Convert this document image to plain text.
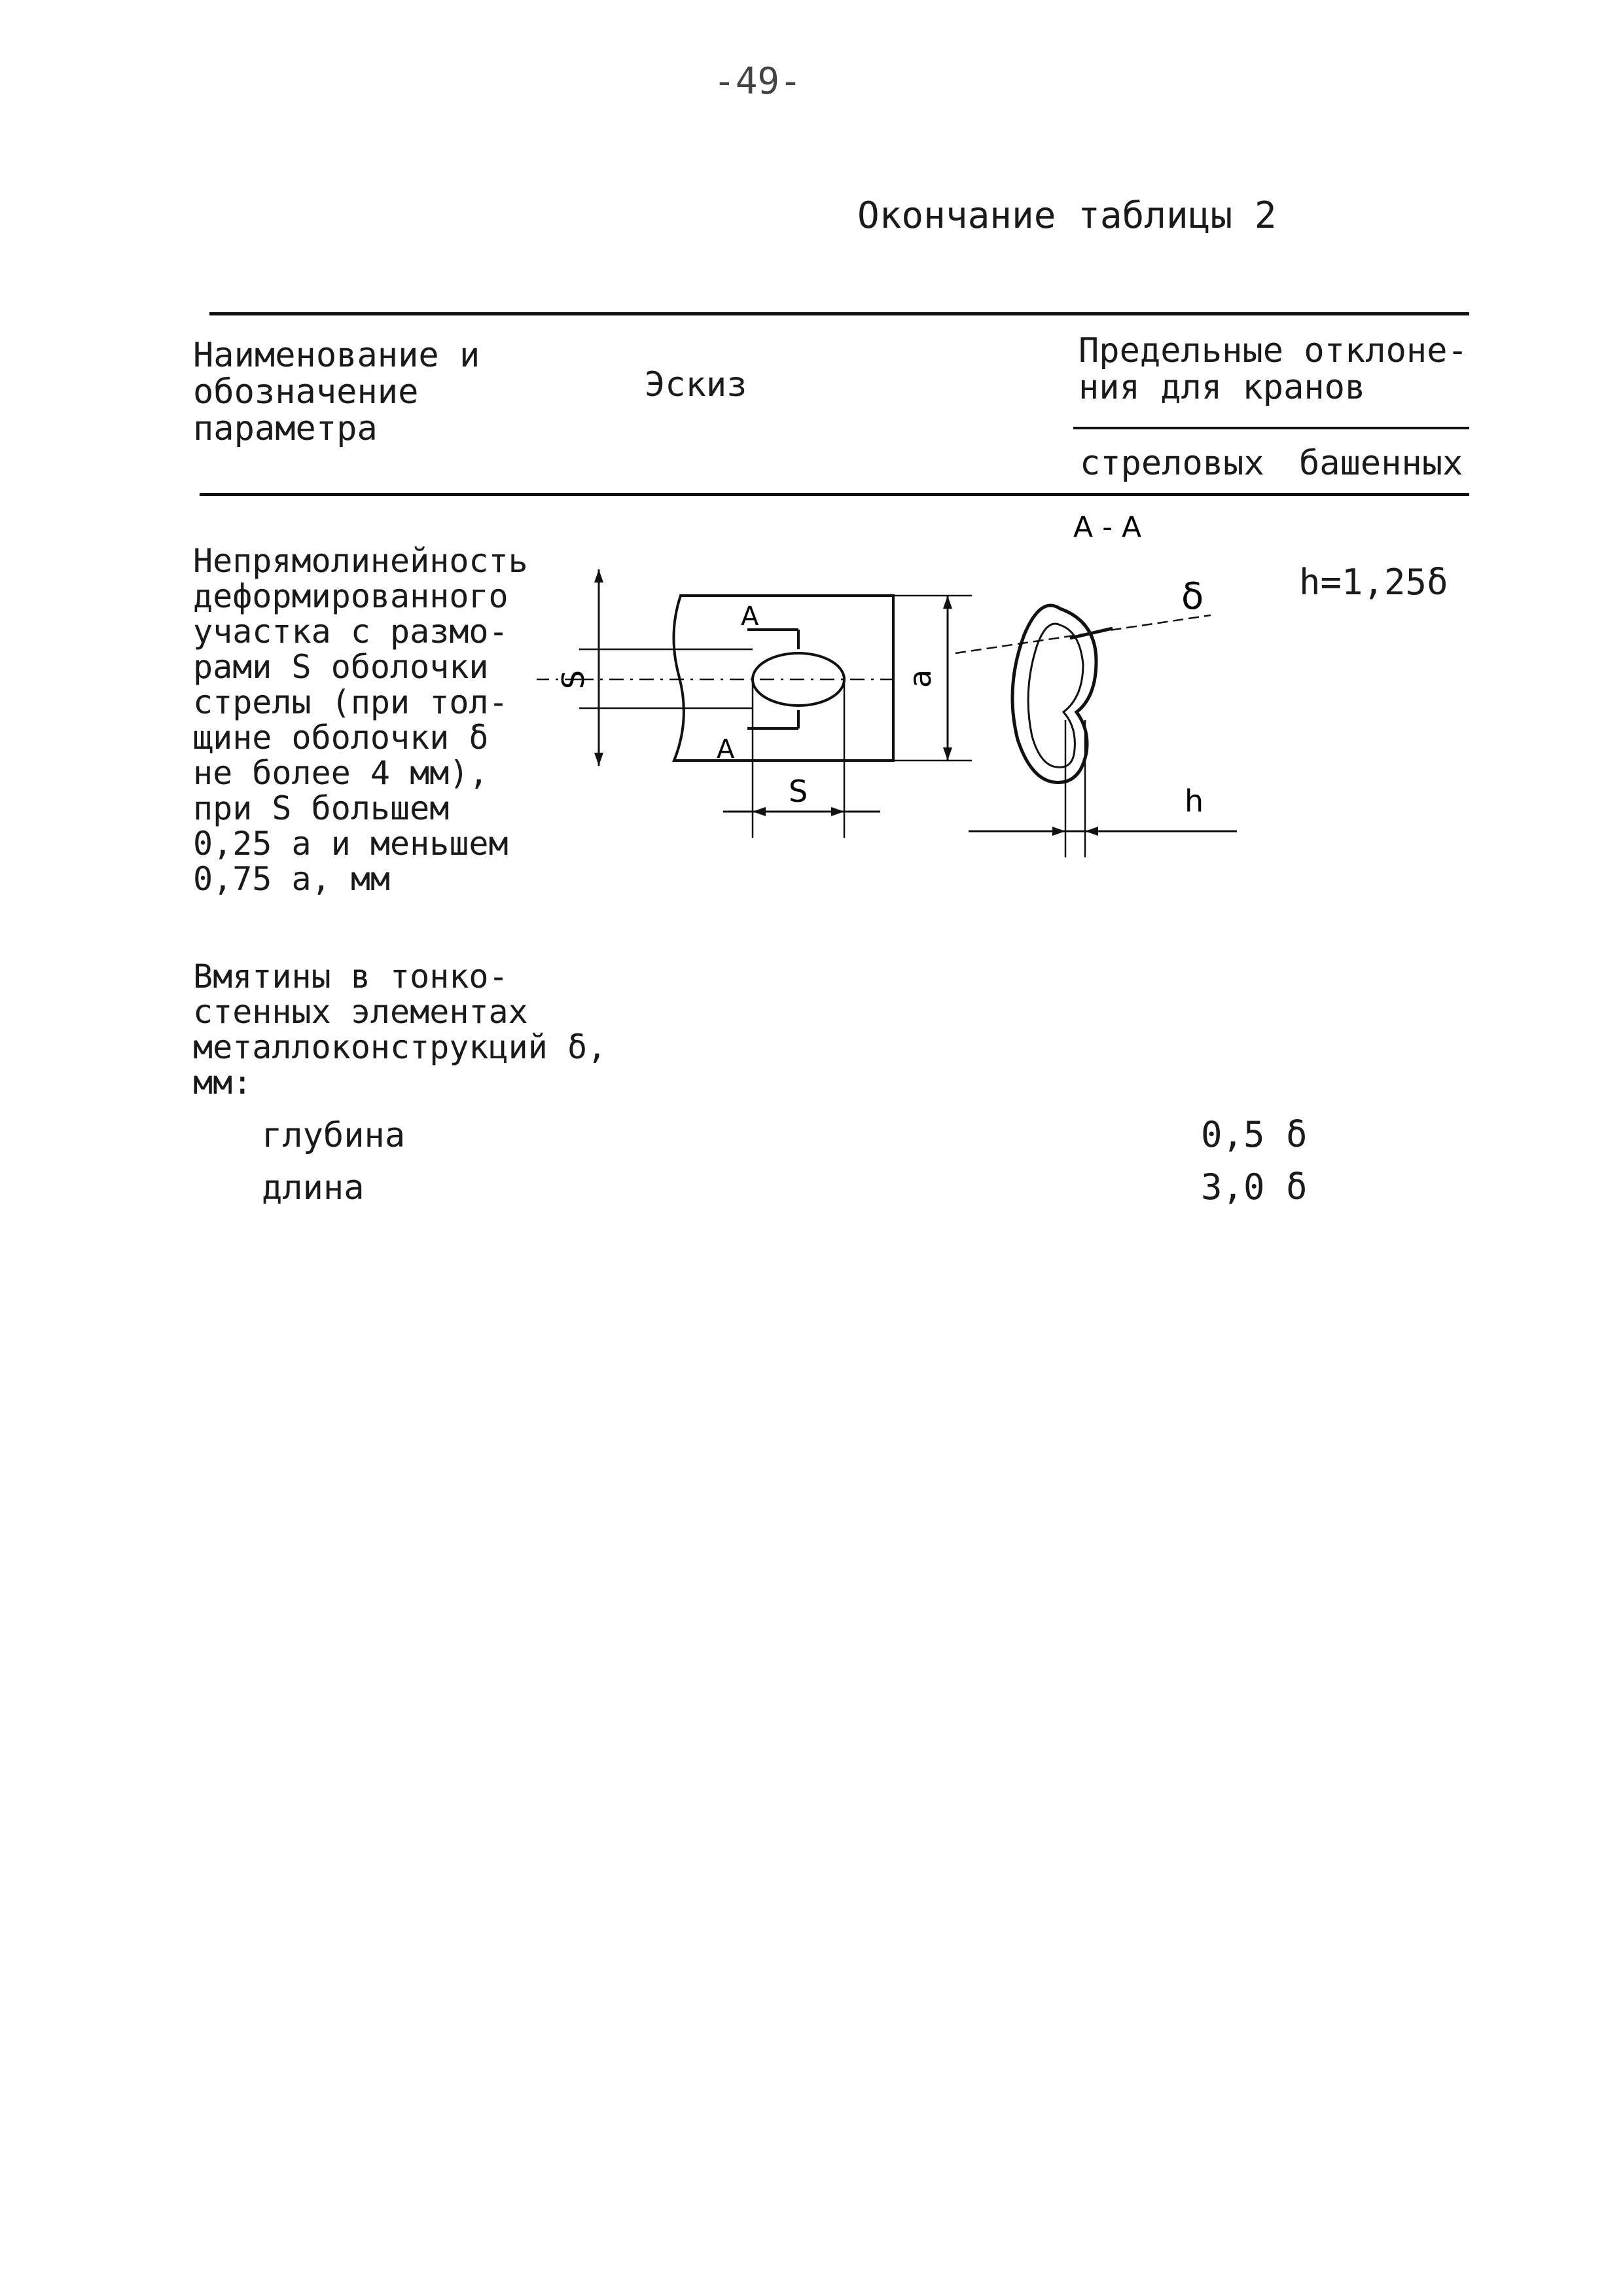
-49-
Окончание таблицы 2
Наименование и
обозначение
параметра
Эскиз
Предельные отклоне-
ния для кранов
стреловых башенных
Непрямолинейность
деформированного
участка с размо-
рами S оболочки
стрелы (при тол-
щине оболочки δ
не более 4 мм),
при S большем
0,25 a и меньшем
0,75 a, мм
h=1,25δ
А
А
S
S
a
А - А
δ
h
Вмятины в тонко-
стенных элементах
металлоконструкций δ,
мм:
глубина
длина
0,5 δ
3,0 δ
